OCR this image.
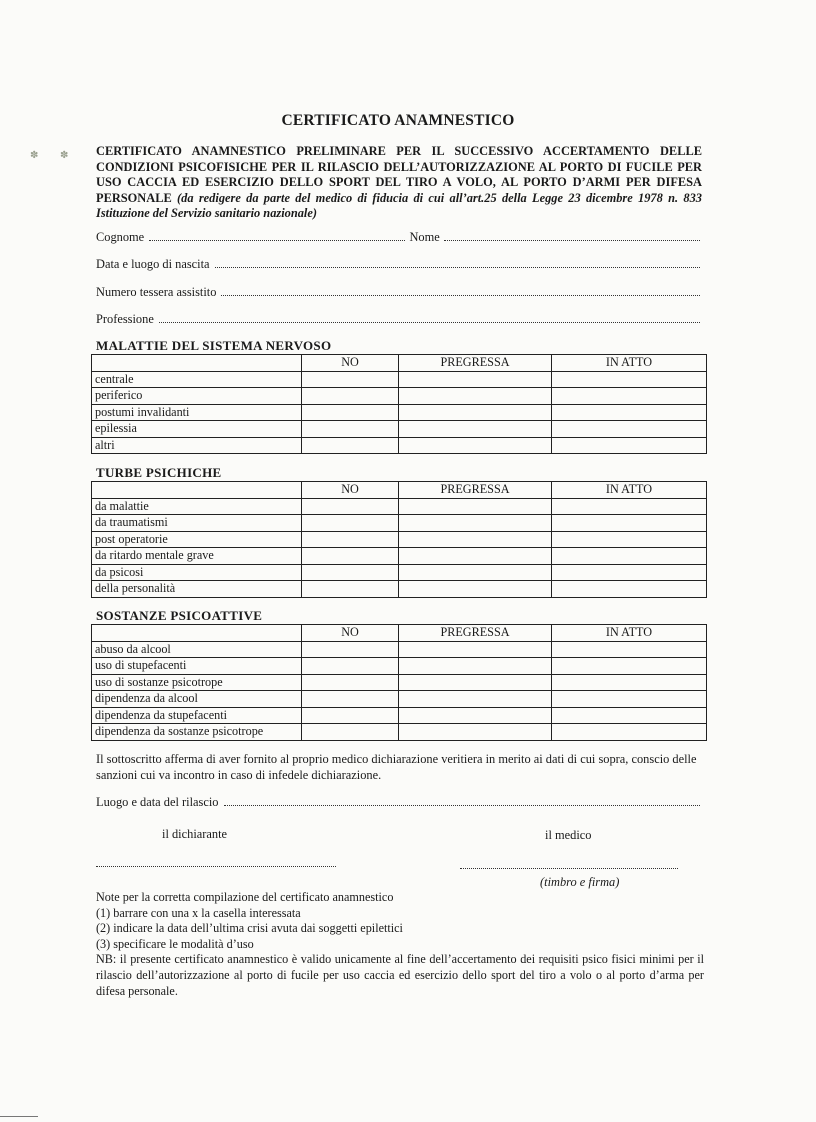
CERTIFICATO ANAMNESTICO
✽ ✽ CERTIFICATO ANAMNESTICO PRELIMINARE PER IL SUCCESSIVO ACCERTAMENTO DELLE CONDIZIONI PSICOFISICHE PER IL RILASCIO DELL’AUTORIZZAZIONE AL PORTO DI FUCILE PER USO CACCIA ED ESERCIZIO DELLO SPORT DEL TIRO A VOLO, AL PORTO D’ARMI PER DIFESA PERSONALE (da redigere da parte del medico di fiducia di cui all’art.25 della Legge 23 dicembre 1978 n. 833 Istituzione del Servizio sanitario nazionale)
Cognome	Nome
Data e luogo di nascita
Numero tessera assistito
Professione
MALATTIE DEL SISTEMA NERVOSO
	NO	PREGRESSA	IN ATTO
centrale			
periferico			
postumi invalidanti			
epilessia			
altri			
TURBE PSICHICHE
	NO	PREGRESSA	IN ATTO
da malattie			
da traumatismi			
post operatorie			
da ritardo mentale grave			
da psicosi			
della personalità			
SOSTANZE PSICOATTIVE
	NO	PREGRESSA	IN ATTO
abuso da alcool			
uso di stupefacenti			
uso di sostanze psicotrope			
dipendenza da alcool			
dipendenza da stupefacenti			
dipendenza da sostanze psicotrope			
Il sottoscritto afferma di aver fornito al proprio medico dichiarazione veritiera in merito ai dati di cui sopra, conscio delle sanzioni cui va incontro in caso di infedele dichiarazione.
Luogo e data del rilascio
il dichiarante	il medico
(timbro e firma)
Note per la corretta compilazione del certificato anamnestico
(1) barrare con una x la casella interessata
(2) indicare la data dell’ultima crisi avuta dai soggetti epilettici
(3) specificare le modalità d’uso
NB: il presente certificato anamnestico è valido unicamente al fine dell’accertamento dei requisiti psico fisici minimi per il rilascio dell’autorizzazione al porto di fucile per uso caccia ed esercizio dello sport del tiro a volo o al porto d’arma per difesa personale.
